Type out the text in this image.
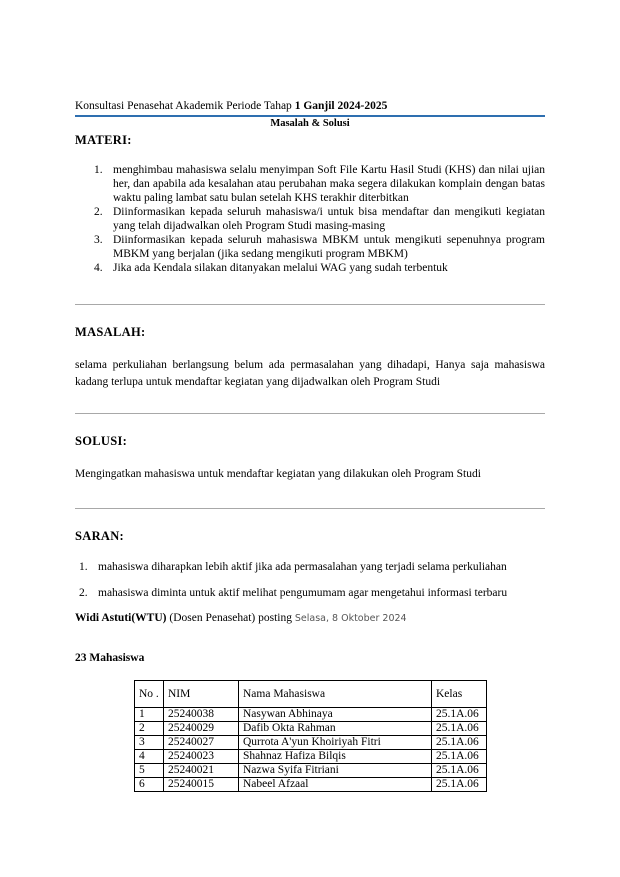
Konsultasi Penasehat Akademik Periode Tahap 1 Ganjil 2024-2025
Masalah & Solusi
MATERI:
1. menghimbau mahasiswa selalu menyimpan Soft File Kartu Hasil Studi (KHS) dan nilai ujian her, dan apabila ada kesalahan atau perubahan maka segera dilakukan komplain dengan batas waktu paling lambat satu bulan setelah KHS terakhir diterbitkan
2. Diinformasikan kepada seluruh mahasiswa/i untuk bisa mendaftar dan mengikuti kegiatan yang telah dijadwalkan oleh Program Studi masing-masing
3. Diinformasikan kepada seluruh mahasiswa MBKM untuk mengikuti sepenuhnya program MBKM yang berjalan (jika sedang mengikuti program MBKM)
4. Jika ada Kendala silakan ditanyakan melalui WAG yang sudah terbentuk
MASALAH:
selama perkuliahan berlangsung belum ada permasalahan yang dihadapi, Hanya saja mahasiswa kadang terlupa untuk mendaftar kegiatan yang dijadwalkan oleh Program Studi
SOLUSI:
Mengingatkan mahasiswa untuk mendaftar kegiatan yang dilakukan oleh Program Studi
SARAN:
1. mahasiswa diharapkan lebih aktif jika ada permasalahan yang terjadi selama perkuliahan
2. mahasiswa diminta untuk aktif melihat pengumumam agar mengetahui informasi terbaru
Widi Astuti(WTU) (Dosen Penasehat) posting Selasa, 8 Oktober 2024
23 Mahasiswa
No .	NIM	Nama Mahasiswa	Kelas
1	25240038	Nasywan Abhinaya	25.1A.06
2	25240029	Dafib Okta Rahman	25.1A.06
3	25240027	Qurrota A'yun Khoiriyah Fitri	25.1A.06
4	25240023	Shahnaz Hafiza Bilqis	25.1A.06
5	25240021	Nazwa Syifa Fitriani	25.1A.06
6	25240015	Nabeel Afzaal	25.1A.06
